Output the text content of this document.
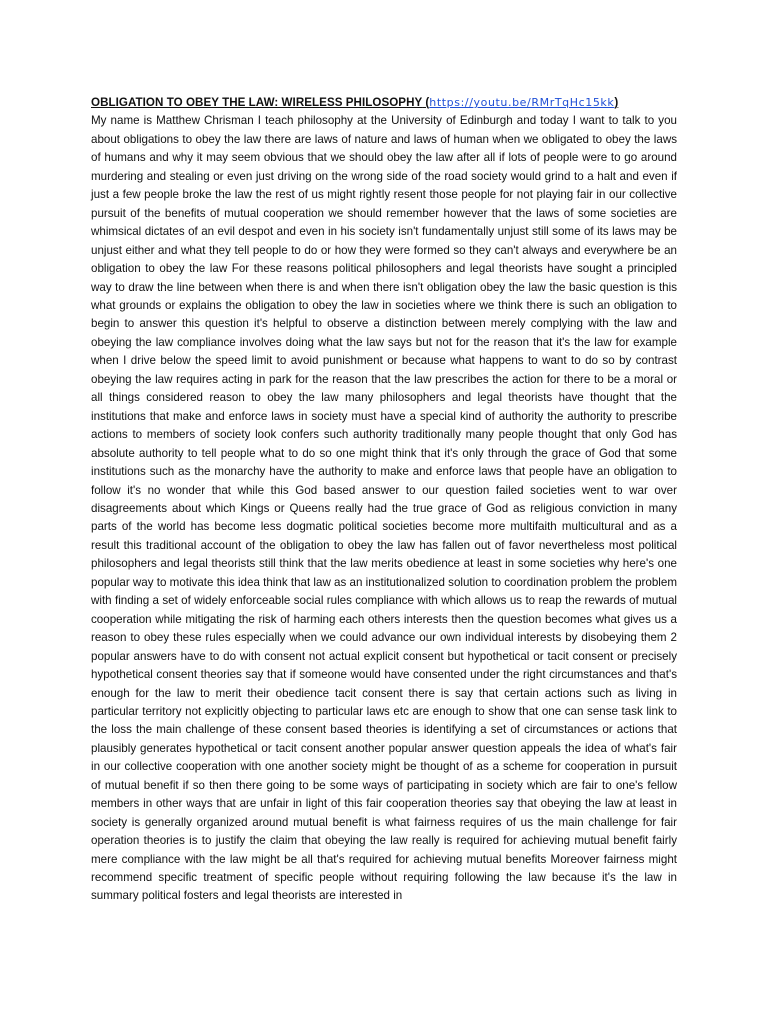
OBLIGATION TO OBEY THE LAW: WIRELESS PHILOSOPHY (https://youtu.be/RMrTqHc15kk)
My name is Matthew Chrisman I teach philosophy at the University of Edinburgh and today I want to talk to you about obligations to obey the law there are laws of nature and laws of human when we obligated to obey the laws of humans and why it may seem obvious that we should obey the law after all if lots of people were to go around murdering and stealing or even just driving on the wrong side of the road society would grind to a halt and even if just a few people broke the law the rest of us might rightly resent those people for not playing fair in our collective pursuit of the benefits of mutual cooperation we should remember however that the laws of some societies are whimsical dictates of an evil despot and even in his society isn't fundamentally unjust still some of its laws may be unjust either and what they tell people to do or how they were formed so they can't always and everywhere be an obligation to obey the law For these reasons political philosophers and legal theorists have sought a principled way to draw the line between when there is and when there isn't obligation obey the law the basic question is this what grounds or explains the obligation to obey the law in societies where we think there is such an obligation to begin to answer this question it's helpful to observe a distinction between merely complying with the law and obeying the law compliance involves doing what the law says but not for the reason that it's the law for example when I drive below the speed limit to avoid punishment or because what happens to want to do so by contrast obeying the law requires acting in park for the reason that the law prescribes the action for there to be a moral or all things considered reason to obey the law many philosophers and legal theorists have thought that the institutions that make and enforce laws in society must have a special kind of authority the authority to prescribe actions to members of society look confers such authority traditionally many people thought that only God has absolute authority to tell people what to do so one might think that it's only through the grace of God that some institutions such as the monarchy have the authority to make and enforce laws that people have an obligation to follow it's no wonder that while this God based answer to our question failed societies went to war over disagreements about which Kings or Queens really had the true grace of God as religious conviction in many parts of the world has become less dogmatic political societies become more multifaith multicultural and as a result this traditional account of the obligation to obey the law has fallen out of favor nevertheless most political philosophers and legal theorists still think that the law merits obedience at least in some societies why here's one popular way to motivate this idea think that law as an institutionalized solution to coordination problem the problem with finding a set of widely enforceable social rules compliance with which allows us to reap the rewards of mutual cooperation while mitigating the risk of harming each others interests then the question becomes what gives us a reason to obey these rules especially when we could advance our own individual interests by disobeying them 2 popular answers have to do with consent not actual explicit consent but hypothetical or tacit consent or precisely hypothetical consent theories say that if someone would have consented under the right circumstances and that's enough for the law to merit their obedience tacit consent there is say that certain actions such as living in particular territory not explicitly objecting to particular laws etc are enough to show that one can sense task link to the loss the main challenge of these consent based theories is identifying a set of circumstances or actions that plausibly generates hypothetical or tacit consent another popular answer question appeals the idea of what's fair in our collective cooperation with one another society might be thought of as a scheme for cooperation in pursuit of mutual benefit if so then there going to be some ways of participating in society which are fair to one's fellow members in other ways that are unfair in light of this fair cooperation theories say that obeying the law at least in society is generally organized around mutual benefit is what fairness requires of us the main challenge for fair operation theories is to justify the claim that obeying the law really is required for achieving mutual benefit fairly mere compliance with the law might be all that's required for achieving mutual benefits Moreover fairness might recommend specific treatment of specific people without requiring following the law because it's the law in summary political fosters and legal theorists are interested in
